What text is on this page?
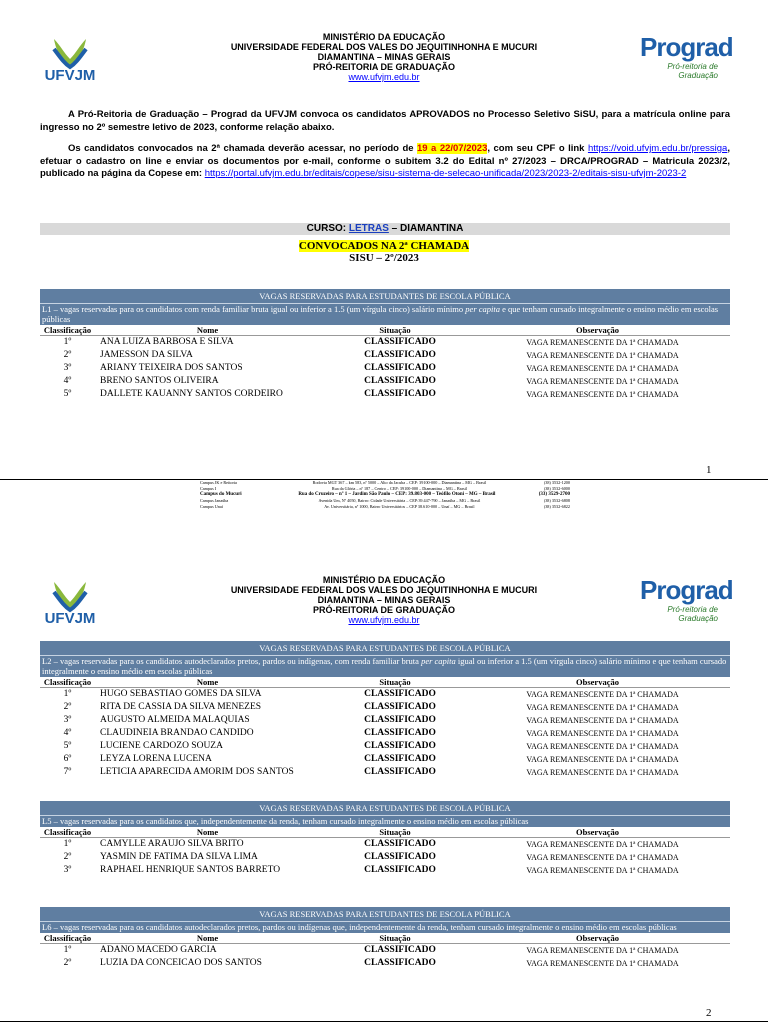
UFVJM
MINISTÉRIO DA EDUCAÇÃO
UNIVERSIDADE FEDERAL DOS VALES DO JEQUITINHONHA E MUCURI
DIAMANTINA – MINAS GERAIS
PRÓ-REITORIA DE GRADUAÇÃO
www.ufvjm.edu.br
Prograd
Pró-reitoria de Graduação
A Pró-Reitoria de Graduação – Prograd da UFVJM convoca os candidatos APROVADOS no Processo Seletivo SiSU, para a matrícula online para ingresso no 2º semestre letivo de 2023, conforme relação abaixo.
Os candidatos convocados na 2ª chamada deverão acessar, no período de 19 a 22/07/2023, com seu CPF o link https://void.ufvjm.edu.br/pressiga, efetuar o cadastro on line e enviar os documentos por e-mail, conforme o subitem 3.2 do Edital nº 27/2023 – DRCA/PROGRAD – Matricula 2023/2, publicado na página da Copese em: https://portal.ufvjm.edu.br/editais/copese/sisu-sistema-de-selecao-unificada/2023/2023-2/editais-sisu-ufvjm-2023-2
CURSO: LETRAS – DIAMANTINA
CONVOCADOS NA 2ª CHAMADA
SISU – 2º/2023
VAGAS RESERVADAS PARA ESTUDANTES DE ESCOLA PÚBLICA
L1 – vagas reservadas para os candidatos com renda familiar bruta igual ou inferior a 1.5 (um vírgula cinco) salário mínimo per capita e que tenham cursado integralmente o ensino médio em escolas públicas
Classificação	Nome	Situação	Observação
1º	ANA LUIZA BARBOSA E SILVA	CLASSIFICADO	VAGA REMANESCENTE DA 1ª CHAMADA
2º	JAMESSON DA SILVA	CLASSIFICADO	VAGA REMANESCENTE DA 1ª CHAMADA
3º	ARIANY TEIXEIRA DOS SANTOS	CLASSIFICADO	VAGA REMANESCENTE DA 1ª CHAMADA
4º	BRENO SANTOS OLIVEIRA	CLASSIFICADO	VAGA REMANESCENTE DA 1ª CHAMADA
5º	DALLETE KAUANNY SANTOS CORDEIRO	CLASSIFICADO	VAGA REMANESCENTE DA 1ª CHAMADA
1
Campus JK e Reitoria	Rodovia MGT 367 – km 583, nº 5000 – Alto da Jacuba – CEP: 39100-000 – Diamantina – MG – Brasil	(38) 3532-1200
Campus I	Rua da Glória – nº 187 – Centro – CEP: 39100-000 – Diamantina – MG – Brasil	(38) 3532-6000
Campus do Mucuri	Rua do Cruzeiro – nº 1 – Jardim São Paulo – CEP: 39.803-000 – Teófilo Otoni – MG – Brasil	(33) 3529-2700
Campus Janaúba	Avenida Um, Nº 4050, Bairro: Cidade Universitária – CEP:39.447-790 – Janaúba – MG – Brasil	(38) 3532-6808
Campus Unaí	Av. Universitária, nº 1000, Bairro Universitários – CEP 38.610-000 – Unaí – MG – Brasil	(38) 3532-6822
UFVJM
MINISTÉRIO DA EDUCAÇÃO
UNIVERSIDADE FEDERAL DOS VALES DO JEQUITINHONHA E MUCURI
DIAMANTINA – MINAS GERAIS
PRÓ-REITORIA DE GRADUAÇÃO
www.ufvjm.edu.br
Prograd
Pró-reitoria de Graduação
VAGAS RESERVADAS PARA ESTUDANTES DE ESCOLA PÚBLICA
L2 – vagas reservadas para os candidatos autodeclarados pretos, pardos ou indígenas, com renda familiar bruta per capita igual ou inferior a 1.5 (um vírgula cinco) salário mínimo e que tenham cursado integralmente o ensino médio em escolas públicas
Classificação	Nome	Situação	Observação
1º	HUGO SEBASTIAO GOMES DA SILVA	CLASSIFICADO	VAGA REMANESCENTE DA 1ª CHAMADA
2º	RITA DE CASSIA DA SILVA MENEZES	CLASSIFICADO	VAGA REMANESCENTE DA 1ª CHAMADA
3º	AUGUSTO ALMEIDA MALAQUIAS	CLASSIFICADO	VAGA REMANESCENTE DA 1ª CHAMADA
4º	CLAUDINEIA BRANDAO CANDIDO	CLASSIFICADO	VAGA REMANESCENTE DA 1ª CHAMADA
5º	LUCIENE CARDOZO SOUZA	CLASSIFICADO	VAGA REMANESCENTE DA 1ª CHAMADA
6º	LEYZA LORENA LUCENA	CLASSIFICADO	VAGA REMANESCENTE DA 1ª CHAMADA
7º	LETICIA APARECIDA AMORIM DOS SANTOS	CLASSIFICADO	VAGA REMANESCENTE DA 1ª CHAMADA
VAGAS RESERVADAS PARA ESTUDANTES DE ESCOLA PÚBLICA
L5 – vagas reservadas para os candidatos que, independentemente da renda, tenham cursado integralmente o ensino médio em escolas públicas
Classificação	Nome	Situação	Observação
1º	CAMYLLE ARAUJO SILVA BRITO	CLASSIFICADO	VAGA REMANESCENTE DA 1ª CHAMADA
2º	YASMIN DE FATIMA DA SILVA LIMA	CLASSIFICADO	VAGA REMANESCENTE DA 1ª CHAMADA
3º	RAPHAEL HENRIQUE SANTOS BARRETO	CLASSIFICADO	VAGA REMANESCENTE DA 1ª CHAMADA
VAGAS RESERVADAS PARA ESTUDANTES DE ESCOLA PÚBLICA
L6 – vagas reservadas para os candidatos autodeclarados pretos, pardos ou indígenas que, independentemente da renda, tenham cursado integralmente o ensino médio em escolas públicas
Classificação	Nome	Situação	Observação
1º	ADANO MACEDO GARCIA	CLASSIFICADO	VAGA REMANESCENTE DA 1ª CHAMADA
2º	LUZIA DA CONCEICAO DOS SANTOS	CLASSIFICADO	VAGA REMANESCENTE DA 1ª CHAMADA
2
